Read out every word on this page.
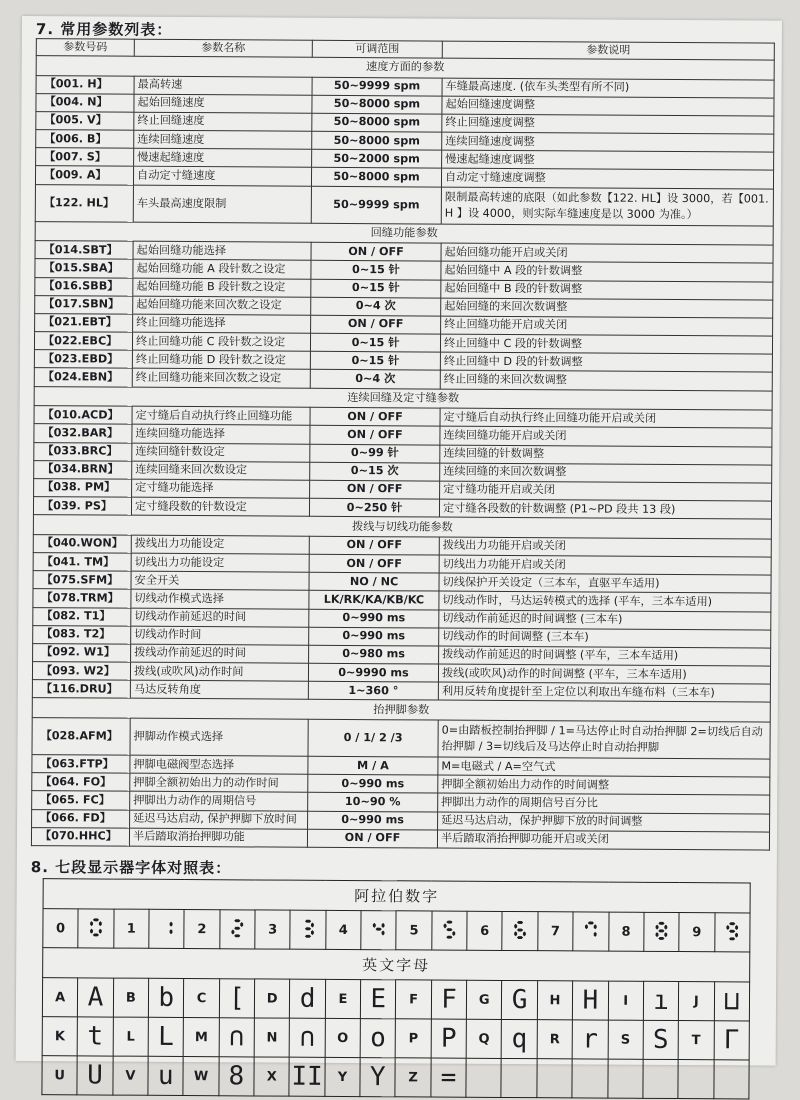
7. 常用参数列表：
参数号码	参数名称	可调范围	参数说明
速度方面的参数			
【001. H】	最高转速	50~9999 spm	车缝最高速度. (依车头类型有所不同)
【004. N】	起始回缝速度	50~8000 spm	起始回缝速度调整
【005. V】	终止回缝速度	50~8000 spm	终止回缝速度调整
【006. B】	连续回缝速度	50~8000 spm	连续回缝速度调整
【007. S】	慢速起缝速度	50~2000 spm	慢速起缝速度调整
【009. A】	自动定寸缝速度	50~8000 spm	自动定寸缝速度调整
【122. HL】	车头最高速度限制	50~9999 spm	限制最高转速的底限（如此参数【122. HL】设 3000，若【001. H 】设 4000，则实际车缝速度是以 3000 为准。）
回缝功能参数			
【014.SBT】	起始回缝功能选择	ON / OFF	起始回缝功能开启或关闭
【015.SBA】	起始回缝功能 A 段针数之设定	0~15 针	起始回缝中 A 段的针数调整
【016.SBB】	起始回缝功能 B 段针数之设定	0~15 针	起始回缝中 B 段的针数调整
【017.SBN】	起始回缝功能来回次数之设定	0~4 次	起始回缝的来回次数调整
【021.EBT】	终止回缝功能选择	ON / OFF	终止回缝功能开启或关闭
【022.EBC】	终止回缝功能 C 段针数之设定	0~15 针	终止回缝中 C 段的针数调整
【023.EBD】	终止回缝功能 D 段针数之设定	0~15 针	终止回缝中 D 段的针数调整
【024.EBN】	终止回缝功能来回次数之设定	0~4 次	终止回缝的来回次数调整
连续回缝及定寸缝参数			
【010.ACD】	定寸缝后自动执行终止回缝功能	ON / OFF	定寸缝后自动执行终止回缝功能开启或关闭
【032.BAR】	连续回缝功能选择	ON / OFF	连续回缝功能开启或关闭
【033.BRC】	连续回缝针数设定	0~99 针	连续回缝的针数调整
【034.BRN】	连续回缝来回次数设定	0~15 次	连续回缝的来回次数调整
【038. PM】	定寸缝功能选择	ON / OFF	定寸缝功能开启或关闭
【039. PS】	定寸缝段数的针数设定	0~250 针	定寸缝各段数的针数调整 (P1~PD 段共 13 段)
拨线与切线功能参数			
【040.WON】	拨线出力功能设定	ON / OFF	拨线出力功能开启或关闭
【041. TM】	切线出力功能设定	ON / OFF	切线出力功能开启或关闭
【075.SFM】	安全开关	NO / NC	切线保护开关设定（三本车，直驱平车适用)
【078.TRM】	切线动作模式选择	LK/RK/KA/KB/KC	切线动作时，马达运转模式的选择 (平车，三本车适用)
【082. T1】	切线动作前延迟的时间	0~990 ms	切线动作前延迟的时间调整 (三本车)
【083. T2】	切线动作时间	0~990 ms	切线动作的时间调整 (三本车)
【092. W1】	拨线动作前延迟的时间	0~980 ms	拨线动作前延迟的时间调整 (平车，三本车适用)
【093. W2】	拨线(或吹风)动作时间	0~9990 ms	拨线(或吹风)动作的时间调整 (平车，三本车适用)
【116.DRU】	马达反转角度	1~360 °	利用反转角度提针至上定位以利取出车缝布料（三本车)
抬押脚参数			
【028.AFM】	押脚动作模式选择	0 / 1/ 2 /3	0=由踏板控制抬押脚 / 1=马达停止时自动抬押脚 2=切线后自动抬押脚 / 3=切线后及马达停止时自动抬押脚
【063.FTP】	押脚电磁阀型态选择	M / A	M=电磁式 / A=空气式
【064. FO】	押脚全额初始出力的动作时间	0~990 ms	押脚全额初始出力动作的时间调整
【065. FC】	押脚出力动作的周期信号	10~90 %	押脚出力动作的周期信号百分比
【066. FD】	延迟马达启动, 保护押脚下放时间	0~990 ms	延迟马达启动，保护押脚下放的时间调整
【070.HHC】	半后踏取消抬押脚功能	ON / OFF	半后踏取消抬押脚功能开启或关闭
8. 七段显示器字体对照表：
阿拉伯数字																			
0	🯰	1	🯱	2	🯲	3	🯳	4	🯴	5	🯵	6	🯶	7	🯷	8	🯸	9	🯹
英文字母																			
A	A	B	b	C	[	D	d	E	E	F	F	G	G	H	H	I	ı	J	⊔
K	t	L	L	M	∩	N	∩	O	o	P	P	Q	q	R	r	S	S	T	Γ
U	U	V	u	W	8	X	II	Y	Y	Z	=								
